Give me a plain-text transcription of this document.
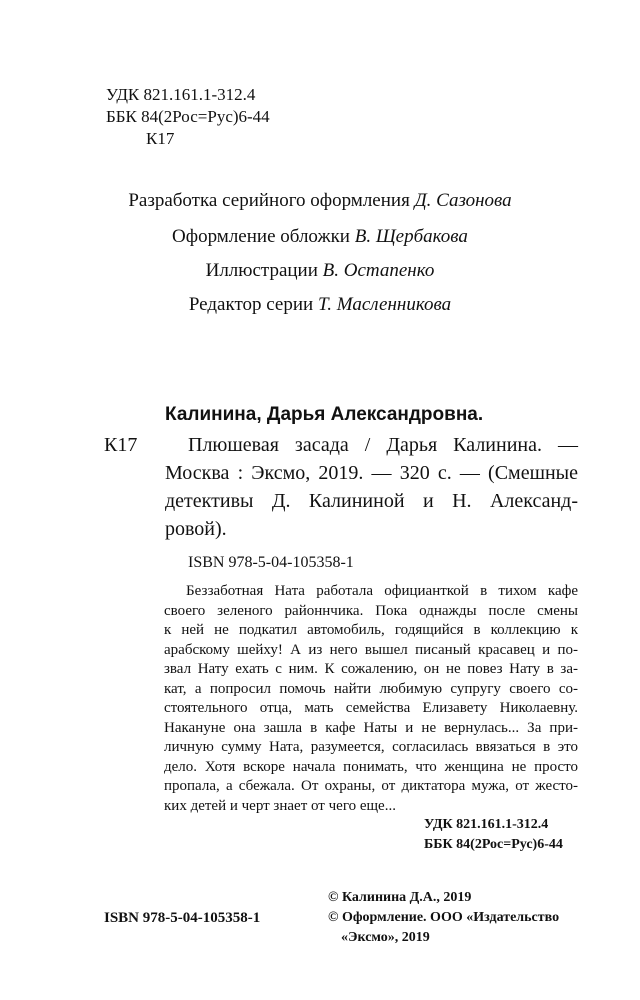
УДК 821.161.1-312.4
ББК 84(2Рос=Рус)6-44
К17
Разработка серийного оформления Д. Сазонова
Оформление обложки В. Щербакова
Иллюстрации В. Остапенко
Редактор серии Т. Масленникова
Калинина, Дарья Александровна.
К17	Плюшевая засада / Дарья Калинина. —
Москва : Эксмо, 2019. — 320 с. — (Смешные
детективы Д. Калининой и Н. Александ-
ровой).
ISBN 978-5-04-105358-1
Беззаботная Ната работала официанткой в тихом кафе
своего зеленого районнчика. Пока однажды после смены
к ней не подкатил автомобиль, годящийся в коллекцию к
арабскому шейху! А из него вышел писаный красавец и по-
звал Нату ехать с ним. К сожалению, он не повез Нату в за-
кат, а попросил помочь найти любимую супругу своего со-
стоятельного отца, мать семейства Елизавету Николаевну.
Накануне она зашла в кафе Наты и не вернулась... За при-
личную сумму Ната, разумеется, согласилась ввязаться в это
дело. Хотя вскоре начала понимать, что женщина не просто
пропала, а сбежала. От охраны, от диктатора мужа, от жесто-
ких детей и черт знает от чего еще...
УДК 821.161.1-312.4
ББК 84(2Рос=Рус)6-44
© Калинина Д.А., 2019
© Оформление. ООО «Издательство
«Эксмо», 2019
ISBN 978-5-04-105358-1
